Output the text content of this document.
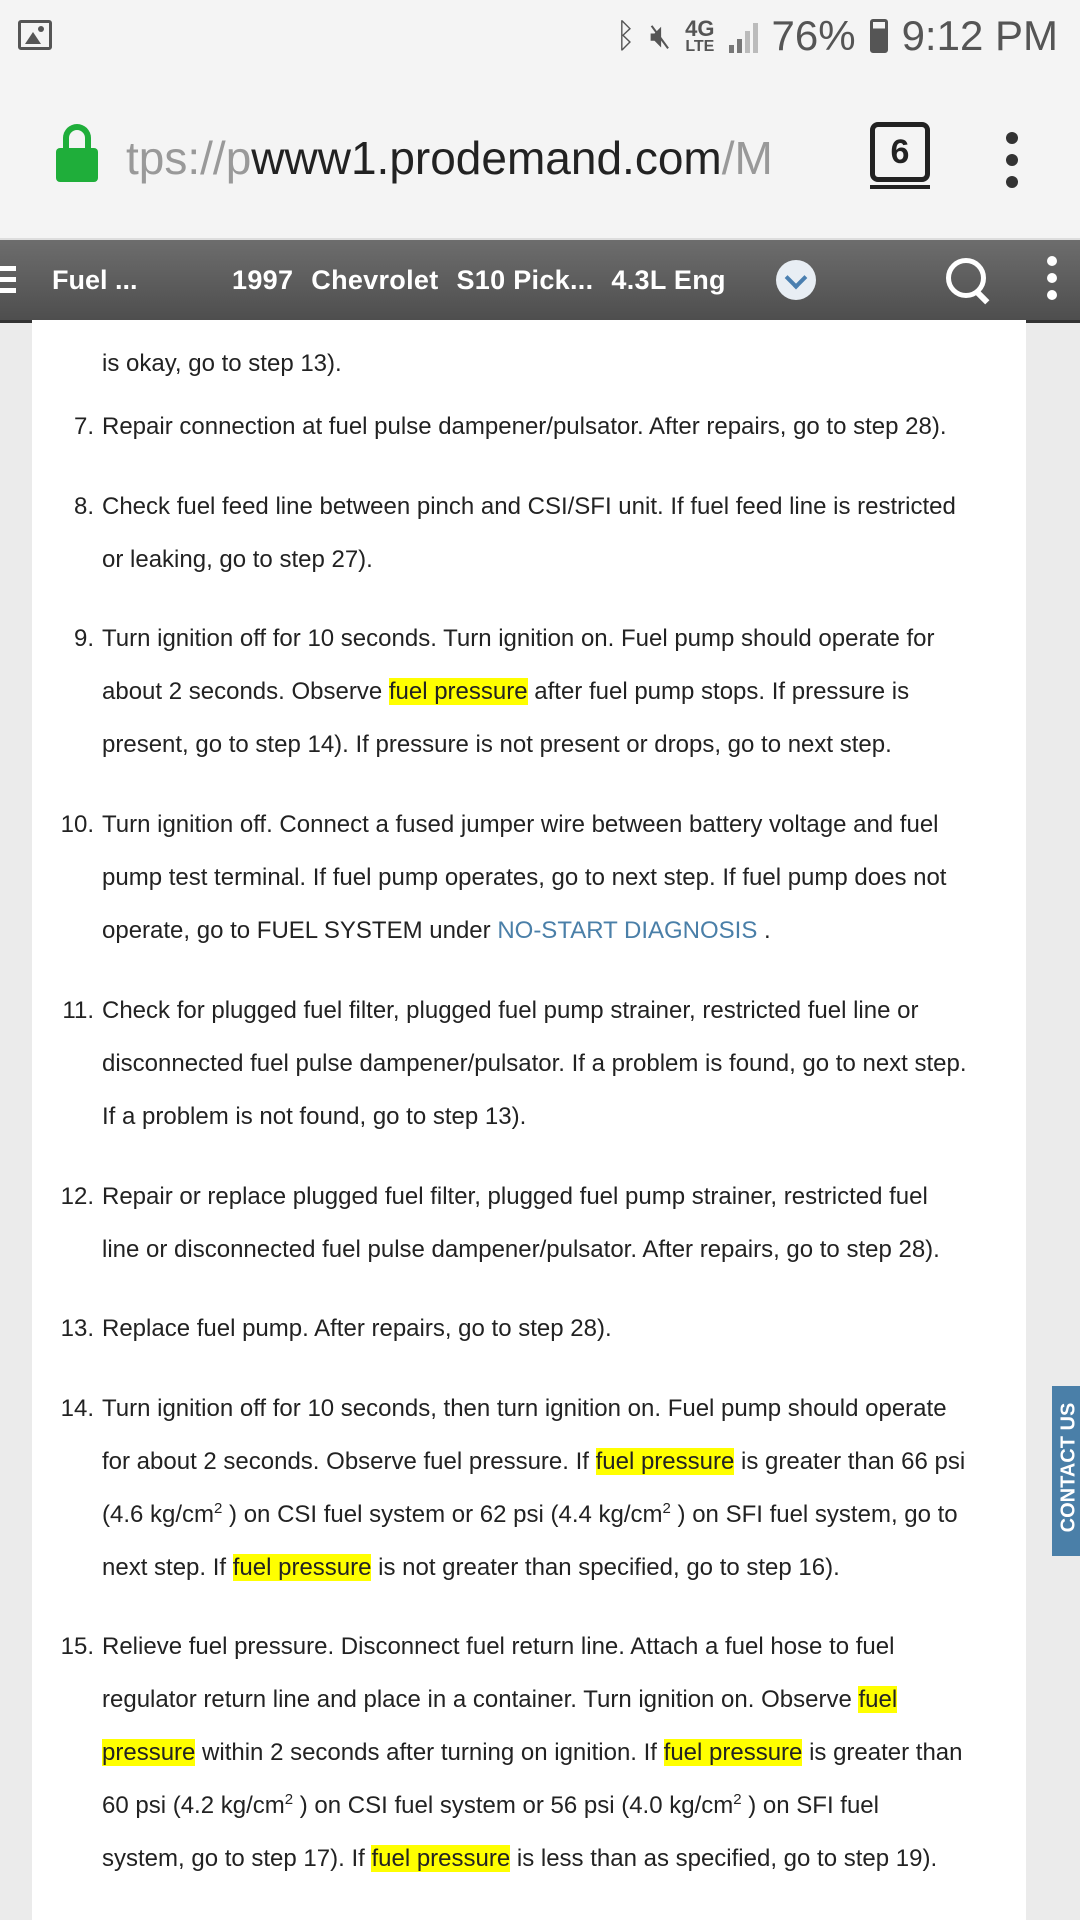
ᛒ 🔇︎ 4G
LTE 76% 9:12 PM
tps://pwww1.prodemand.com/M	6
Fuel ...	1997 Chevrolet S10 Pick... 4.3L Eng
is okay, go to step 13).
7. Repair connection at fuel pulse dampener/pulsator. After repairs, go to step 28).
8. Check fuel feed line between pinch and CSI/SFI unit. If fuel feed line is restricted
or leaking, go to step 27).
9. Turn ignition off for 10 seconds. Turn ignition on. Fuel pump should operate for
about 2 seconds. Observe fuel pressure after fuel pump stops. If pressure is
present, go to step 14). If pressure is not present or drops, go to next step.
10. Turn ignition off. Connect a fused jumper wire between battery voltage and fuel
pump test terminal. If fuel pump operates, go to next step. If fuel pump does not
operate, go to FUEL SYSTEM under NO-START DIAGNOSIS .
11. Check for plugged fuel filter, plugged fuel pump strainer, restricted fuel line or
disconnected fuel pulse dampener/pulsator. If a problem is found, go to next step.
If a problem is not found, go to step 13).
12. Repair or replace plugged fuel filter, plugged fuel pump strainer, restricted fuel
line or disconnected fuel pulse dampener/pulsator. After repairs, go to step 28).
13. Replace fuel pump. After repairs, go to step 28).
14. Turn ignition off for 10 seconds, then turn ignition on. Fuel pump should operate
for about 2 seconds. Observe fuel pressure. If fuel pressure is greater than 66 psi
(4.6 $kg/cm^2$ ) on CSI fuel system or 62 psi (4.4 $kg/cm^2$ ) on SFI fuel system, go to
next step. If fuel pressure is not greater than specified, go to step 16).
15. Relieve fuel pressure. Disconnect fuel return line. Attach a fuel hose to fuel
regulator return line and place in a container. Turn ignition on. Observe fuel
pressure within 2 seconds after turning on ignition. If fuel pressure is greater than
60 psi (4.2 $kg/cm^2$ ) on CSI fuel system or 56 psi (4.0 $kg/cm^2$ ) on SFI fuel
system, go to step 17). If fuel pressure is less than as specified, go to step 19).
CONTACT US
